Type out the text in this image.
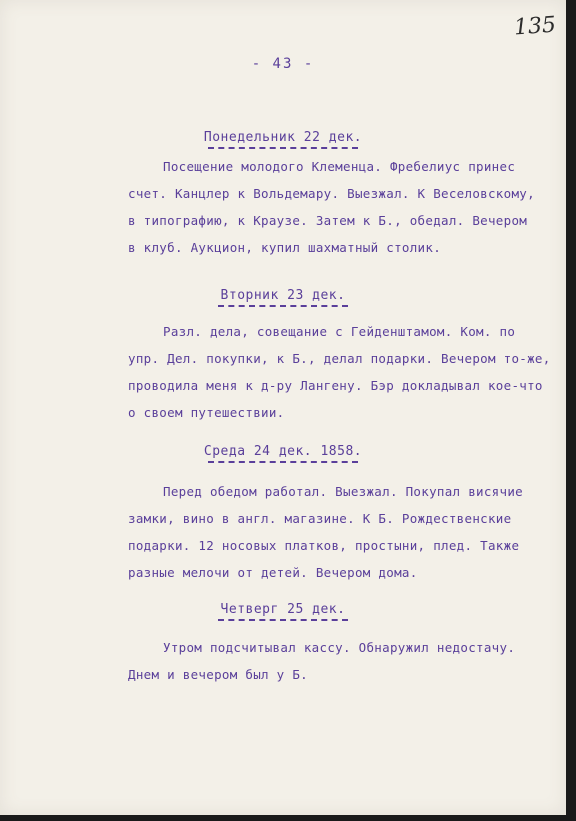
135
- 43 -
Понедельник 22 дек.
Посещение молодого Клеменца. Фребелиус принес
счет. Канцлер к Вольдемару. Выезжал. К Веселовскому,
в типографию, к Краузе. Затем к Б., обедал. Вечером
в клуб. Аукцион, купил шахматный столик.
Вторник 23 дек.
Разл. дела, совещание с Гейденштамом. Ком. по
упр. Дел. покупки, к Б., делал подарки. Вечером то-же,
проводила меня к д-ру Лангену. Бэр докладывал кое-что
о своем путешествии.
Среда 24 дек. 1858.
Перед обедом работал. Выезжал. Покупал висячие
замки, вино в англ. магазине. К Б. Рождественские
подарки. 12 носовых платков, простыни, плед. Также
разные мелочи от детей. Вечером дома.
Четверг 25 дек.
Утром подсчитывал кассу. Обнаружил недостачу.
Днем и вечером был у Б.
